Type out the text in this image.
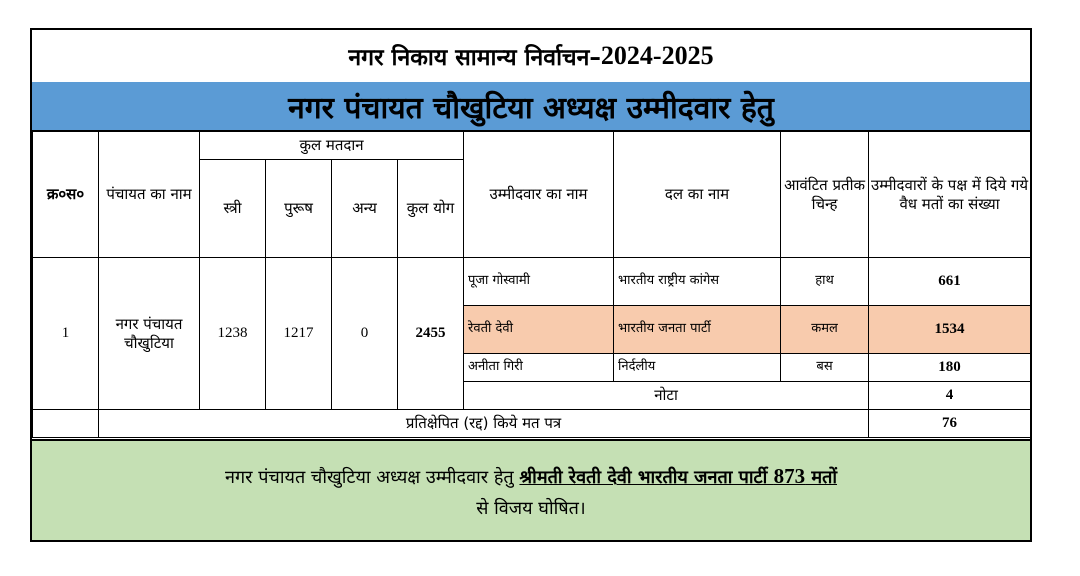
नगर निकाय सामान्य निर्वाचन– 2024-2025
नगर पंचायत चौखुटिया अध्यक्ष उम्मीदवार हेतु
क्र०स०	पंचायत का नाम	कुल मतदान				उम्मीदवार का नाम	दल का नाम	आवंटित प्रतीक चिन्ह	उम्मीदवारों के पक्ष में दिये गये वैध मतों का संख्या
		स्त्री	पुरूष	अन्य	कुल योग				
1	नगर पंचायत चौखुटिया	1238	1217	0	2455	पूजा गोस्वामी	भारतीय राष्ट्रीय कांगेस	हाथ	661
						रेवती देवी	भारतीय जनता पार्टी	कमल	1534
						अनीता गिरी	निर्दलीय	बस	180
						नोटा			4
	प्रतिक्षेपित (रद्द) किये मत पत्र								76
नगर पंचायत चौखुटिया अध्यक्ष उम्मीदवार हेतु श्रीमती रेवती देवी भारतीय जनता पार्टी 873 मतों
से विजय घोषित।
